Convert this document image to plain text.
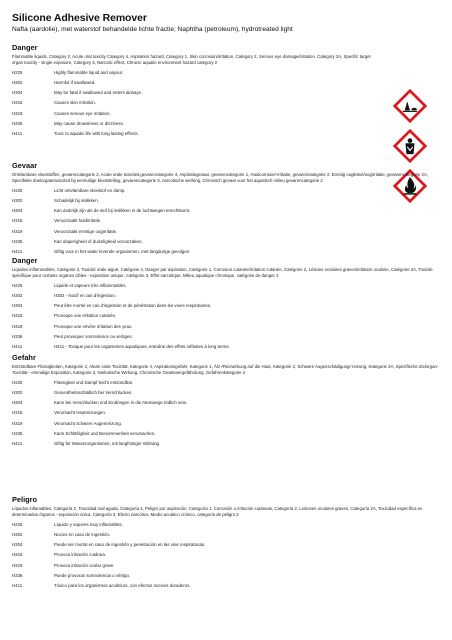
Silicone Adhesive Remover
Nafta (aardolie), met waterstof behandelde lichte fractie; Naphtha (petroleum), hydrotreated light
Danger
Flammable liquids, Category 2, Acute oral toxicity Category 4, Aspiration hazard, Category 1, Skin corrosion/irritation, Category 2, Serious eye damage/irritation, Category 2A, Specific target organ toxicity - single exposure, Category 3, Narcotic effect, Chronic aquatic environment hazard category 2
H225	Highly flammable liquid and vapour.
H302	Harmful if swallowed.
H304	May be fatal if swallowed and enters airways.
H315	Causes skin irritation.
H319	Causes serious eye irritation.
H336	May cause drowsiness or dizziness.
H411	Toxic to aquatic life with long lasting effects.
Gevaar
Ontvlambare vloeistoffen, gevarencategorie 2, Acute orale toxiciteit,gevarencategorie 4, Aspiratiegevaar, gevarencategorie 1, Huidcorrosie/-irritatie, gevarencategorie 2, Ernstig oogletsel/oogirritatie, gevarencategorie 2A, Specifieke doelorgaantoxiciteit bij eenmalige blootstelling, gevarencategorie 3, narcotische werking, Chronisch gevaar voor het aquatisch milieu gevarencategorie 2
H225	Licht ontvlambare vloeistof en damp.
H302	Schadelijk bij inslikken.
H304	Kan dodelijk zijn als de stof bij inslikken in de luchtwegen terechtkomt.
H315	Veroorzaakt huidirritatie.
H319	Veroorzaakt ernstige oogirritatie.
H336	Kan slaperigheid of duizeligheid veroorzaken.
H411	Giftig voor in het water levende organismen, met langdurige gevolgen.
Danger
Liquides inflammables, Catégorie 2, Toxicité orale aiguë, Catégorie 4, Danger par aspiration, Catégorie 1, Corrosion cutanée/irritation cutanée, Catégorie 2, Lésions oculaires graves/irritation oculaire, Catégorie 2A, Toxicité spécifique pour certains organes cibles - exposition unique, Catégorie 3, Effet narcotique, Milieu aquatique chronique, catégorie de danger 2
H225	Liquide et vapeurs très inflammables.
H302	H302 - Nocif en cas d'ingestion.
H304	Peut être mortel en cas d'ingestion et de pénétration dans les voies respiratoires.
H315	Provoque une irritation cutanée.
H319	Provoque une sévère irritation des yeux.
H336	Peut provoquer somnolence ou vertiges.
H411	H411 - Toxique pour les organismes aquatiques, entraîne des effets néfastes à long terme.
Gefahr
Entzündbare Flüssigkeiten, Kategorie 2, Akute orale Toxizität, Kategorie 4, Aspirationsgefahr, Kategorie 1, Ätz-/Reizwirkung auf die Haut, Kategorie 2, Schwere Augenschädigung/-reizung, Kategorie 2A, Spezifische Zielorgan-Toxizität - einmalige Exposition, Kategorie 3, Narkotische Wirkung, Chronische Gewässergefährdung, Gefahrenkategorie 2
H225	Flüssigkeit und Dampf leicht entzündbar.
H302	Gesundheitsschädlich bei Verschlucken.
H304	Kann bei Verschlucken und Eindringen in die Atemwege tödlich sein.
H315	Verursacht Hautreizungen.
H319	Verursacht schwere Augenreizung.
H336	Kann Schläfrigkeit und Benommenheit verursachen.
H411	Giftig für Wasserorganismen, mit langfristiger Wirkung.
Peligro
Líquidos inflamables, Categoría 2, Toxicidad oral aguda, Categoría 4, Peligro por aspiración, Categoría 1, Corrosión o irritación cutáneas, Categoría 2, Lesiones oculares graves, Categoría 2A, Toxicidad específica en determinados órganos - exposición única, Categoría 3, Efecto narcótico, Medio acuático crónico, categoría de peligro 2
H225	Líquido y vapores muy inflamables.
H302	Nocivo en caso de ingestión.
H304	Puede ser mortal en caso de ingestión y penetración en las vías respiratorias.
H315	Provoca irritación cutánea.
H319	Provoca irritación ocular grave.
H336	Puede provocar somnolencia o vértigo.
H411	Tóxico para los organismos acuáticos, con efectos nocivos duraderos.
